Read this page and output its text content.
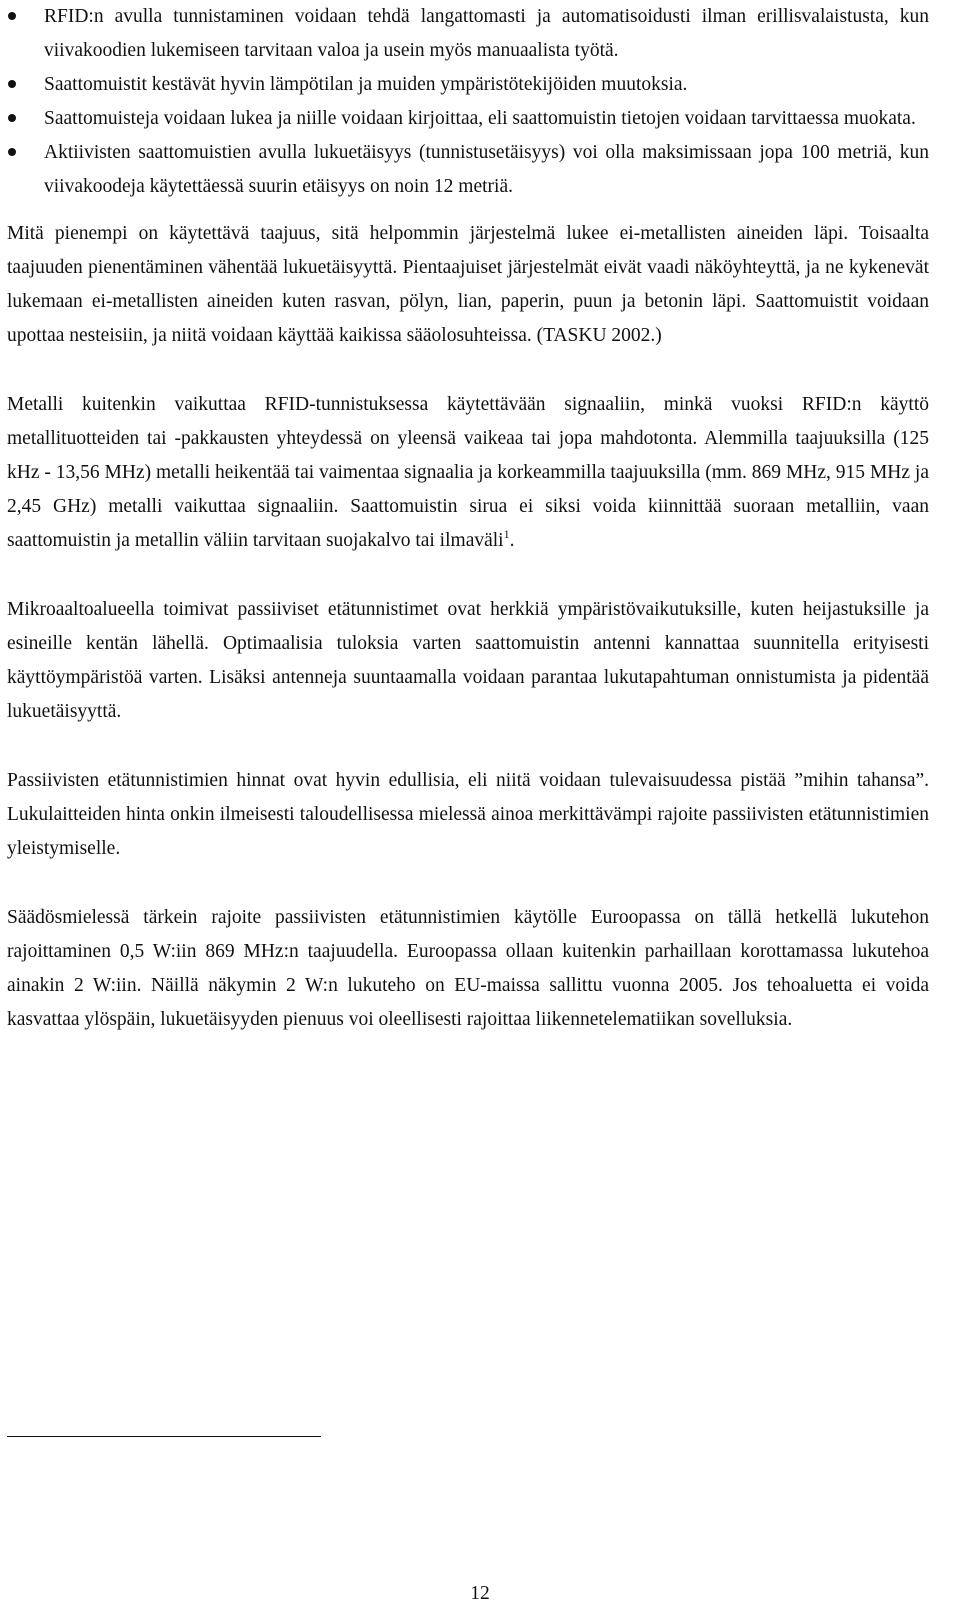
RFID:n avulla tunnistaminen voidaan tehdä langattomasti ja automatisoidusti ilman erillisvalaistusta, kun viivakoodien lukemiseen tarvitaan valoa ja usein myös manuaalista työtä.
Saattomuistit kestävät hyvin lämpötilan ja muiden ympäristötekijöiden muutoksia.
Saattomuisteja voidaan lukea ja niille voidaan kirjoittaa, eli saattomuistin tietojen voidaan tarvittaessa muokata.
Aktiivisten saattomuistien avulla lukuetäisyys (tunnistusetäisyys) voi olla maksimissaan jopa 100 metriä, kun viivakoodeja käytettäessä suurin etäisyys on noin 12 metriä.

Mitä pienempi on käytettävä taajuus, sitä helpommin järjestelmä lukee ei-metallisten aineiden läpi. Toisaalta taajuuden pienentäminen vähentää lukuetäisyyttä. Pientaajuiset järjestelmät eivät vaadi näköyhteyttä, ja ne kykenevät lukemaan ei-metallisten aineiden kuten rasvan, pölyn, lian, paperin, puun ja betonin läpi. Saattomuistit voidaan upottaa nesteisiin, ja niitä voidaan käyttää kaikissa sääolosuhteissa. (TASKU 2002.)

Metalli kuitenkin vaikuttaa RFID-tunnistuksessa käytettävään signaaliin, minkä vuoksi RFID:n käyttö metallituotteiden tai -pakkausten yhteydessä on yleensä vaikeaa tai jopa mahdotonta. Alemmilla taajuuksilla (125 kHz - 13,56 MHz) metalli heikentää tai vaimentaa signaalia ja korkeammilla taajuuksilla (mm. 869 MHz, 915 MHz ja 2,45 GHz) metalli vaikuttaa signaaliin. Saattomuistin sirua ei siksi voida kiinnittää suoraan metalliin, vaan saattomuistin ja metallin väliin tarvitaan suojakalvo tai ilmaväli$^1$.

Mikroaaltoalueella toimivat passiiviset etätunnistimet ovat herkkiä ympäristövaikutuksille, kuten heijastuksille ja esineille kentän lähellä. Optimaalisia tuloksia varten saattomuistin antenni kannattaa suunnitella erityisesti käyttöympäristöä varten. Lisäksi antenneja suuntaamalla voidaan parantaa lukutapahtuman onnistumista ja pidentää lukuetäisyyttä.

Passiivisten etätunnistimien hinnat ovat hyvin edullisia, eli niitä voidaan tulevaisuudessa pistää ”mihin tahansa”. Lukulaitteiden hinta onkin ilmeisesti taloudellisessa mielessä ainoa merkittävämpi rajoite passiivisten etätunnistimien yleistymiselle.

Säädösmielessä tärkein rajoite passiivisten etätunnistimien käytölle Euroopassa on tällä hetkellä lukutehon rajoittaminen 0,5 W:iin 869 MHz:n taajuudella. Euroopassa ollaan kuitenkin parhaillaan korottamassa lukutehoa ainakin 2 W:iin. Näillä näkymin 2 W:n lukuteho on EU-maissa sallittu vuonna 2005. Jos tehoaluetta ei voida kasvattaa ylöspäin, lukuetäisyyden pienuus voi oleellisesti rajoittaa liikennetelematiikan sovelluksia.

12
